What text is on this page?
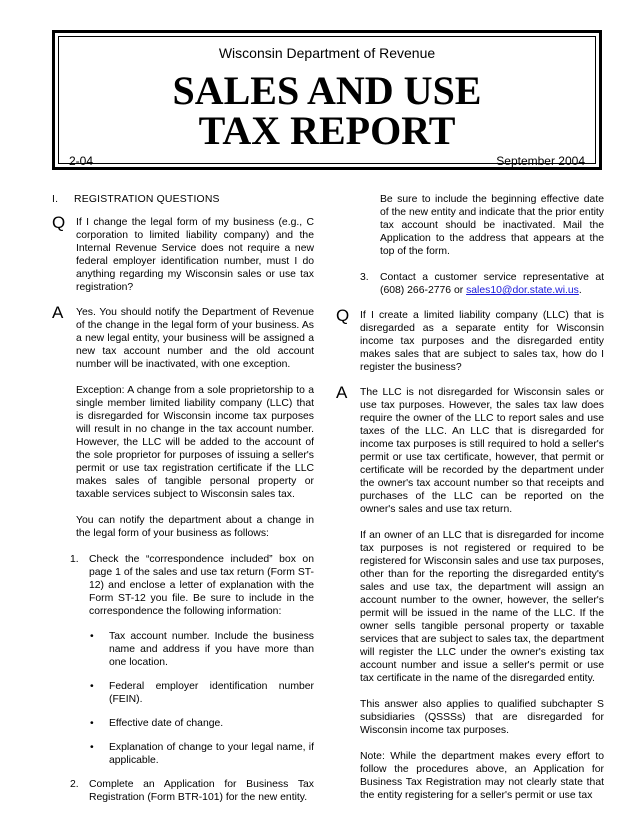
Wisconsin Department of Revenue
SALES AND USE
TAX REPORT
2-04	September 2004
I.	REGISTRATION QUESTIONS
Q If I change the legal form of my business (e.g., C corporation to limited liability company) and the Internal Revenue Service does not require a new federal employer identification number, must I do anything regarding my Wisconsin sales or use tax registration?

A Yes. You should notify the Department of Revenue of the change in the legal form of your business. As a new legal entity, your business will be assigned a new tax account number and the old account number will be inactivated, with one exception.

Exception: A change from a sole proprietorship to a single member limited liability company (LLC) that is disregarded for Wisconsin income tax purposes will result in no change in the tax account number. However, the LLC will be added to the account of the sole proprietor for purposes of issuing a seller's permit or use tax registration certificate if the LLC makes sales of tangible personal property or taxable services subject to Wisconsin sales tax.

You can notify the department about a change in the legal form of your business as follows:

1. Check the “correspondence included” box on page 1 of the sales and use tax return (Form ST-12) and enclose a letter of explanation with the Form ST-12 you file. Be sure to include in the correspondence the following information:

• Tax account number. Include the business name and address if you have more than one location.

• Federal employer identification number (FEIN).

• Effective date of change.

• Explanation of change to your legal name, if applicable.

2. Complete an Application for Business Tax Registration (Form BTR-101) for the new entity.

Be sure to include the beginning effective date of the new entity and indicate that the prior entity tax account should be inactivated. Mail the Application to the address that appears at the top of the form.

3. Contact a customer service representative at (608) 266-2776 or sales10@dor.state.wi.us.

Q If I create a limited liability company (LLC) that is disregarded as a separate entity for Wisconsin income tax purposes and the disregarded entity makes sales that are subject to sales tax, how do I register the business?

A The LLC is not disregarded for Wisconsin sales or use tax purposes. However, the sales tax law does require the owner of the LLC to report sales and use taxes of the LLC. An LLC that is disregarded for income tax purposes is still required to hold a seller's permit or use tax certificate, however, that permit or certificate will be recorded by the department under the owner's tax account number so that receipts and purchases of the LLC can be reported on the owner's sales and use tax return.

If an owner of an LLC that is disregarded for income tax purposes is not registered or required to be registered for Wisconsin sales and use tax purposes, other than for the reporting the disregarded entity's sales and use tax, the department will assign an account number to the owner, however, the seller's permit will be issued in the name of the LLC. If the owner sells tangible personal property or taxable services that are subject to sales tax, the department will register the LLC under the owner's existing tax account number and issue a seller's permit or use tax certificate in the name of the disregarded entity.

This answer also applies to qualified subchapter S subsidiaries (QSSSs) that are disregarded for Wisconsin income tax purposes.

Note: While the department makes every effort to follow the procedures above, an Application for Business Tax Registration may not clearly state that the entity registering for a seller's permit or use tax
